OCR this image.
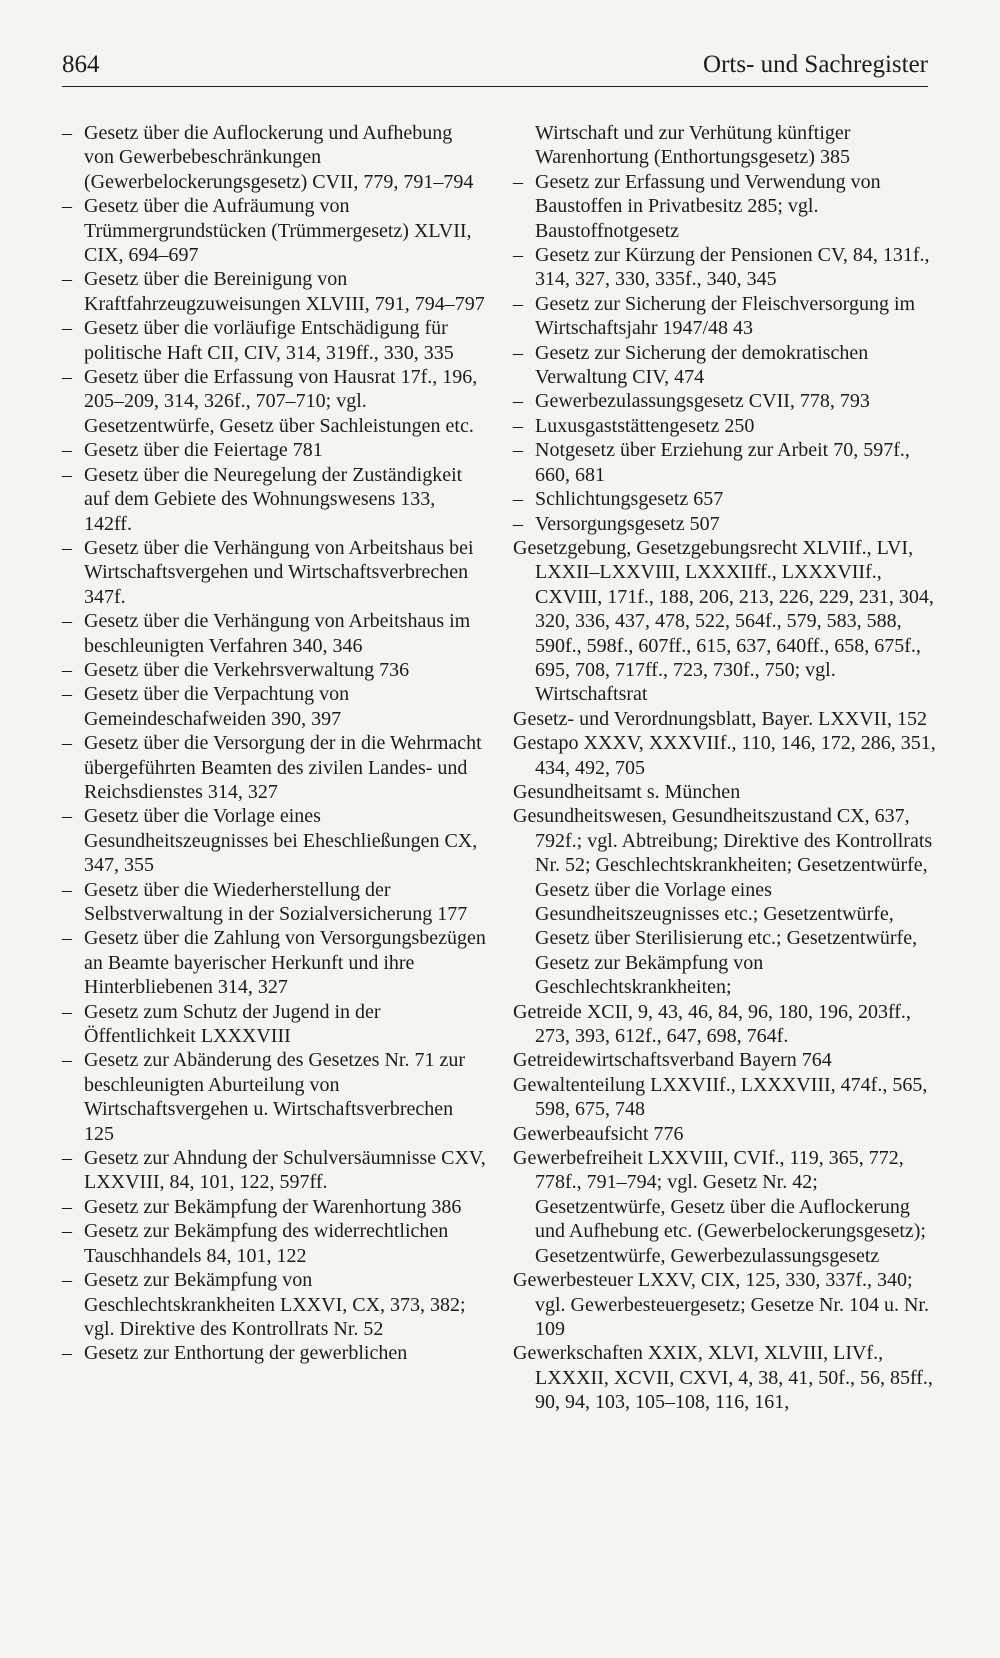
864	Orts- und Sachregister
– Gesetz über die Auflockerung und Aufhebung von Gewerbebeschränkungen (Gewerbelockerungsgesetz) CVII, 779, 791–794
– Gesetz über die Aufräumung von Trümmergrundstücken (Trümmergesetz) XLVII, CIX, 694–697
– Gesetz über die Bereinigung von Kraftfahrzeugzuweisungen XLVIII, 791, 794–797
– Gesetz über die vorläufige Entschädigung für politische Haft CII, CIV, 314, 319ff., 330, 335
– Gesetz über die Erfassung von Hausrat 17f., 196, 205–209, 314, 326f., 707–710; vgl. Gesetzentwürfe, Gesetz über Sachleistungen etc.
– Gesetz über die Feiertage 781
– Gesetz über die Neuregelung der Zuständigkeit auf dem Gebiete des Wohnungswesens 133, 142ff.
– Gesetz über die Verhängung von Arbeitshaus bei Wirtschaftsvergehen und Wirtschaftsverbrechen 347f.
– Gesetz über die Verhängung von Arbeitshaus im beschleunigten Verfahren 340, 346
– Gesetz über die Verkehrsverwaltung 736
– Gesetz über die Verpachtung von Gemeindeschafweiden 390, 397
– Gesetz über die Versorgung der in die Wehrmacht übergeführten Beamten des zivilen Landes- und Reichsdienstes 314, 327
– Gesetz über die Vorlage eines Gesundheitszeugnisses bei Eheschließungen CX, 347, 355
– Gesetz über die Wiederherstellung der Selbstverwaltung in der Sozialversicherung 177
– Gesetz über die Zahlung von Versorgungsbezügen an Beamte bayerischer Herkunft und ihre Hinterbliebenen 314, 327
– Gesetz zum Schutz der Jugend in der Öffentlichkeit LXXXVIII
– Gesetz zur Abänderung des Gesetzes Nr. 71 zur beschleunigten Aburteilung von Wirtschaftsvergehen u. Wirtschaftsverbrechen 125
– Gesetz zur Ahndung der Schulversäumnisse CXV, LXXVIII, 84, 101, 122, 597ff.
– Gesetz zur Bekämpfung der Warenhortung 386
– Gesetz zur Bekämpfung des widerrechtlichen Tauschhandels 84, 101, 122
– Gesetz zur Bekämpfung von Geschlechtskrankheiten LXXVI, CX, 373, 382; vgl. Direktive des Kontrollrats Nr. 52
– Gesetz zur Enthortung der gewerblichen
Wirtschaft und zur Verhütung künftiger Warenhortung (Enthortungsgesetz) 385
– Gesetz zur Erfassung und Verwendung von Baustoffen in Privatbesitz 285; vgl. Baustoffnotgesetz
– Gesetz zur Kürzung der Pensionen CV, 84, 131f., 314, 327, 330, 335f., 340, 345
– Gesetz zur Sicherung der Fleischversorgung im Wirtschaftsjahr 1947/48 43
– Gesetz zur Sicherung der demokratischen Verwaltung CIV, 474
– Gewerbezulassungsgesetz CVII, 778, 793
– Luxusgaststättengesetz 250
– Notgesetz über Erziehung zur Arbeit 70, 597f., 660, 681
– Schlichtungsgesetz 657
– Versorgungsgesetz 507
Gesetzgebung, Gesetzgebungsrecht XLVIIf., LVI, LXXII–LXXVIII, LXXXIIff., LXXXVIIf., CXVIII, 171f., 188, 206, 213, 226, 229, 231, 304, 320, 336, 437, 478, 522, 564f., 579, 583, 588, 590f., 598f., 607ff., 615, 637, 640ff., 658, 675f., 695, 708, 717ff., 723, 730f., 750; vgl. Wirtschaftsrat
Gesetz- und Verordnungsblatt, Bayer. LXXVII, 152
Gestapo XXXV, XXXVIIf., 110, 146, 172, 286, 351, 434, 492, 705
Gesundheitsamt s. München
Gesundheitswesen, Gesundheitszustand CX, 637, 792f.; vgl. Abtreibung; Direktive des Kontrollrats Nr. 52; Geschlechtskrankheiten; Gesetzentwürfe, Gesetz über die Vorlage eines Gesundheitszeugnisses etc.; Gesetzentwürfe, Gesetz über Sterilisierung etc.; Gesetzentwürfe, Gesetz zur Bekämpfung von Geschlechtskrankheiten;
Getreide XCII, 9, 43, 46, 84, 96, 180, 196, 203ff., 273, 393, 612f., 647, 698, 764f.
Getreidewirtschaftsverband Bayern 764
Gewaltenteilung LXXVIIf., LXXXVIII, 474f., 565, 598, 675, 748
Gewerbeaufsicht 776
Gewerbefreiheit LXXVIII, CVIf., 119, 365, 772, 778f., 791–794; vgl. Gesetz Nr. 42; Gesetzentwürfe, Gesetz über die Auflockerung und Aufhebung etc. (Gewerbelockerungsgesetz); Gesetzentwürfe, Gewerbezulassungsgesetz
Gewerbesteuer LXXV, CIX, 125, 330, 337f., 340; vgl. Gewerbesteuergesetz; Gesetze Nr. 104 u. Nr. 109
Gewerkschaften XXIX, XLVI, XLVIII, LIVf., LXXXII, XCVII, CXVI, 4, 38, 41, 50f., 56, 85ff., 90, 94, 103, 105–108, 116, 161,
